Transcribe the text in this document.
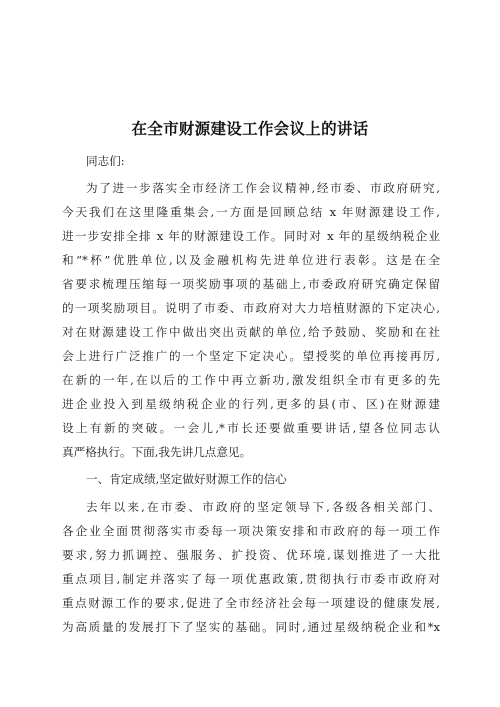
在全市财源建设工作会议上的讲话
同志们:
为了进一步落实全市经济工作会议精神,经市委、市政府研究,
今天我们在这里隆重集会,一方面是回顾总结 x 年财源建设工作,
进一步安排全排 x 年的财源建设工作。同时对 x 年的星级纳税企业
和“*杯”优胜单位,以及金融机构先进单位进行表彰。这是在全
省要求梳理压缩每一项奖励事项的基础上,市委政府研究确定保留
的一项奖励项目。说明了市委、市政府对大力培植财源的下定决心,
对在财源建设工作中做出突出贡献的单位,给予鼓励、奖励和在社
会上进行广泛推广的一个坚定下定决心。望授奖的单位再接再厉,
在新的一年,在以后的工作中再立新功,激发组织全市有更多的先
进企业投入到星级纳税企业的行列,更多的县(市、区)在财源建
设上有新的突破。一会儿,*市长还要做重要讲话,望各位同志认
真严格执行。下面,我先讲几点意见。
一、肯定成绩,坚定做好财源工作的信心
去年以来,在市委、市政府的坚定领导下,各级各相关部门、
各企业全面贯彻落实市委每一项决策安排和市政府的每一项工作
要求,努力抓调控、强服务、扩投资、优环境,谋划推进了一大批
重点项目,制定并落实了每一项优惠政策,贯彻执行市委市政府对
重点财源工作的要求,促进了全市经济社会每一项建设的健康发展,
为高质量的发展打下了坚实的基础。同时,通过星级纳税企业和*x
